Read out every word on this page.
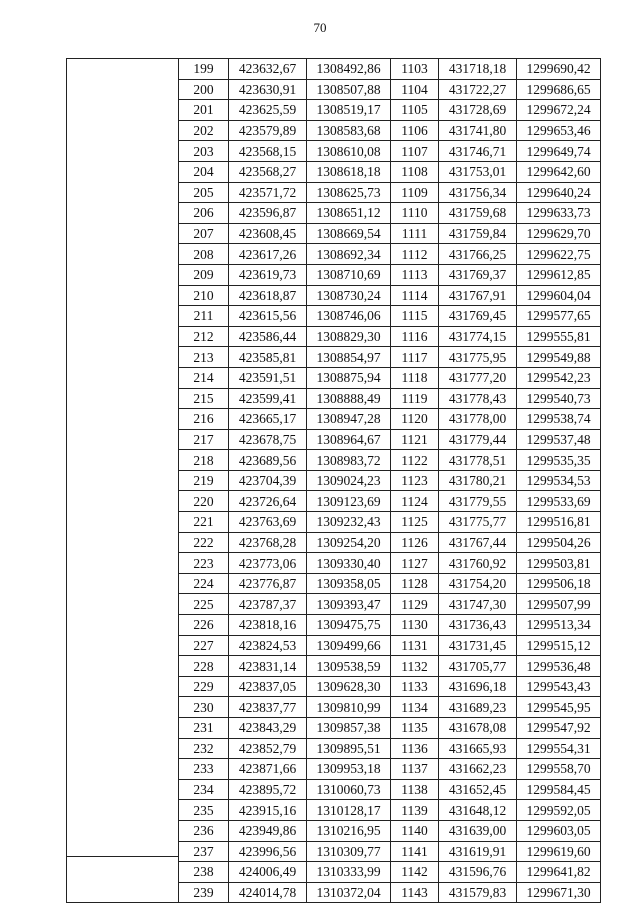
70
	199	423632,67	1308492,86	1103	431718,18	1299690,42
	200	423630,91	1308507,88	1104	431722,27	1299686,65
	201	423625,59	1308519,17	1105	431728,69	1299672,24
	202	423579,89	1308583,68	1106	431741,80	1299653,46
	203	423568,15	1308610,08	1107	431746,71	1299649,74
	204	423568,27	1308618,18	1108	431753,01	1299642,60
	205	423571,72	1308625,73	1109	431756,34	1299640,24
	206	423596,87	1308651,12	1110	431759,68	1299633,73
	207	423608,45	1308669,54	1111	431759,84	1299629,70
	208	423617,26	1308692,34	1112	431766,25	1299622,75
	209	423619,73	1308710,69	1113	431769,37	1299612,85
	210	423618,87	1308730,24	1114	431767,91	1299604,04
	211	423615,56	1308746,06	1115	431769,45	1299577,65
	212	423586,44	1308829,30	1116	431774,15	1299555,81
	213	423585,81	1308854,97	1117	431775,95	1299549,88
	214	423591,51	1308875,94	1118	431777,20	1299542,23
	215	423599,41	1308888,49	1119	431778,43	1299540,73
	216	423665,17	1308947,28	1120	431778,00	1299538,74
	217	423678,75	1308964,67	1121	431779,44	1299537,48
	218	423689,56	1308983,72	1122	431778,51	1299535,35
	219	423704,39	1309024,23	1123	431780,21	1299534,53
	220	423726,64	1309123,69	1124	431779,55	1299533,69
	221	423763,69	1309232,43	1125	431775,77	1299516,81
	222	423768,28	1309254,20	1126	431767,44	1299504,26
	223	423773,06	1309330,40	1127	431760,92	1299503,81
	224	423776,87	1309358,05	1128	431754,20	1299506,18
	225	423787,37	1309393,47	1129	431747,30	1299507,99
	226	423818,16	1309475,75	1130	431736,43	1299513,34
	227	423824,53	1309499,66	1131	431731,45	1299515,12
	228	423831,14	1309538,59	1132	431705,77	1299536,48
	229	423837,05	1309628,30	1133	431696,18	1299543,43
	230	423837,77	1309810,99	1134	431689,23	1299545,95
	231	423843,29	1309857,38	1135	431678,08	1299547,92
	232	423852,79	1309895,51	1136	431665,93	1299554,31
	233	423871,66	1309953,18	1137	431662,23	1299558,70
	234	423895,72	1310060,73	1138	431652,45	1299584,45
	235	423915,16	1310128,17	1139	431648,12	1299592,05
	236	423949,86	1310216,95	1140	431639,00	1299603,05
	237	423996,56	1310309,77	1141	431619,91	1299619,60
	238	424006,49	1310333,99	1142	431596,76	1299641,82
	239	424014,78	1310372,04	1143	431579,83	1299671,30
